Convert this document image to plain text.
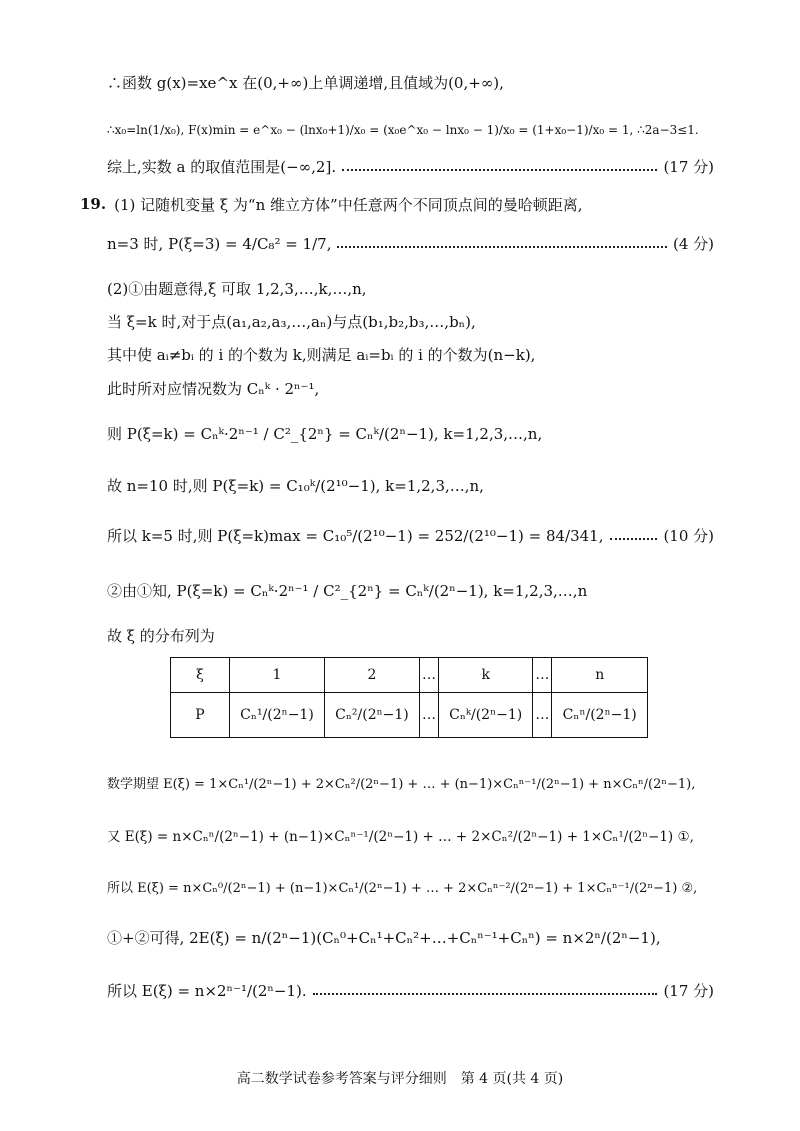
∴函数 g(x)=xe^x 在(0,+∞)上单调递增,且值域为(0,+∞),
∴x₀=ln(1/x₀), F(x)min = e^x₀ − (lnx₀+1)/x₀ = (x₀e^x₀ − lnx₀ − 1)/x₀ = (1+x₀−1)/x₀ = 1, ∴2a−3≤1.
综上,实数 a 的取值范围是(−∞,2].	(17 分)
19. (1) 记随机变量 ξ 为“n 维立方体”中任意两个不同顶点间的曼哈顿距离,
n=3 时, P(ξ=3) = 4/C₈² = 1/7,	(4 分)
(2)①由题意得,ξ 可取 1,2,3,…,k,…,n,
当 ξ=k 时,对于点(a₁,a₂,a₃,…,aₙ)与点(b₁,b₂,b₃,…,bₙ),
其中使 aᵢ≠bᵢ 的 i 的个数为 k,则满足 aᵢ=bᵢ 的 i 的个数为(n−k),
此时所对应情况数为 Cₙᵏ · 2ⁿ⁻¹,
则 P(ξ=k) = Cₙᵏ·2ⁿ⁻¹ / C²_{2ⁿ} = Cₙᵏ/(2ⁿ−1), k=1,2,3,…,n,
故 n=10 时,则 P(ξ=k) = C₁₀ᵏ/(2¹⁰−1), k=1,2,3,…,n,
所以 k=5 时,则 P(ξ=k)max = C₁₀⁵/(2¹⁰−1) = 252/(2¹⁰−1) = 84/341,	(10 分)
②由①知, P(ξ=k) = Cₙᵏ·2ⁿ⁻¹ / C²_{2ⁿ} = Cₙᵏ/(2ⁿ−1), k=1,2,3,…,n
故 ξ 的分布列为
ξ	1	2	…	k	…	n
P	Cₙ¹/(2ⁿ−1)	Cₙ²/(2ⁿ−1)	…	Cₙᵏ/(2ⁿ−1)	…	Cₙⁿ/(2ⁿ−1)
数学期望 E(ξ) = 1×Cₙ¹/(2ⁿ−1) + 2×Cₙ²/(2ⁿ−1) + … + (n−1)×Cₙⁿ⁻¹/(2ⁿ−1) + n×Cₙⁿ/(2ⁿ−1),
又 E(ξ) = n×Cₙⁿ/(2ⁿ−1) + (n−1)×Cₙⁿ⁻¹/(2ⁿ−1) + … + 2×Cₙ²/(2ⁿ−1) + 1×Cₙ¹/(2ⁿ−1) ①,
所以 E(ξ) = n×Cₙ⁰/(2ⁿ−1) + (n−1)×Cₙ¹/(2ⁿ−1) + … + 2×Cₙⁿ⁻²/(2ⁿ−1) + 1×Cₙⁿ⁻¹/(2ⁿ−1) ②,
①+②可得, 2E(ξ) = n/(2ⁿ−1)(Cₙ⁰+Cₙ¹+Cₙ²+…+Cₙⁿ⁻¹+Cₙⁿ) = n×2ⁿ/(2ⁿ−1),
所以 E(ξ) = n×2ⁿ⁻¹/(2ⁿ−1).	(17 分)
高二数学试卷参考答案与评分细则　第 4 页(共 4 页)
